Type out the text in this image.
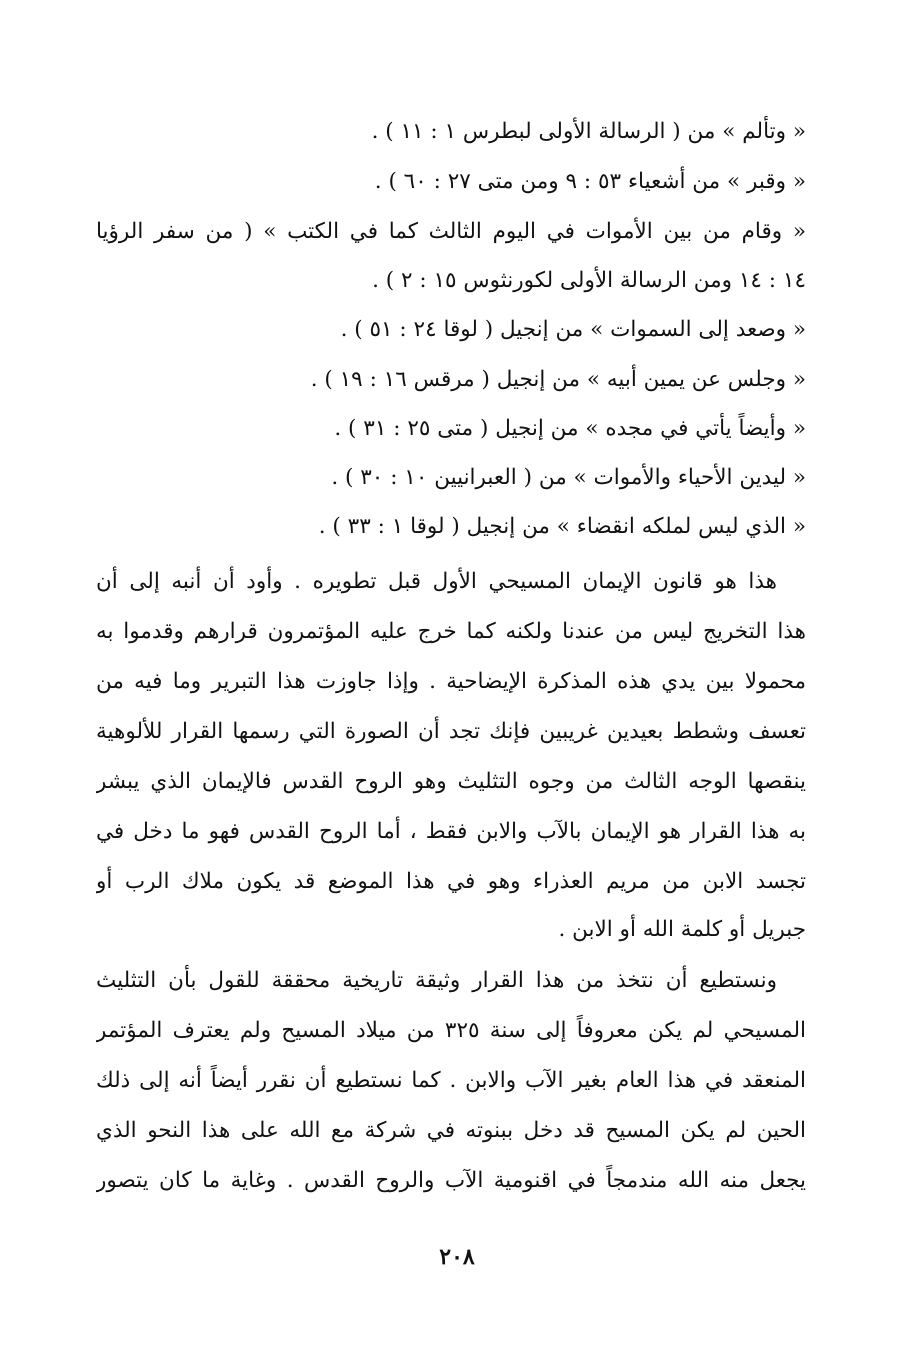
« وتألم » من ( الرسالة الأولى لبطرس ١ : ١١ ) .
« وقبر » من أشعياء ٥٣ : ٩ ومن متى ٢٧ : ٦٠ ) .
« وقام من بين الأموات في اليوم الثالث كما في الكتب » ( من سفر الرؤيا
١٤ : ١٤ ومن الرسالة الأولى لكورنثوس ١٥ : ٢ ) .
« وصعد إلى السموات » من إنجيل ( لوقا ٢٤ : ٥١ ) .
« وجلس عن يمين أبيه » من إنجيل ( مرقس ١٦ : ١٩ ) .
« وأيضاً يأتي في مجده » من إنجيل ( متى ٢٥ : ٣١ ) .
« ليدين الأحياء والأموات » من ( العبرانيين ١٠ : ٣٠ ) .
« الذي ليس لملكه انقضاء » من إنجيل ( لوقا ١ : ٣٣ ) .
هذا هو قانون الإيمان المسيحي الأول قبل تطويره . وأود أن أنبه إلى أن
هذا التخريج ليس من عندنا ولكنه كما خرج عليه المؤتمرون قرارهم وقدموا به
محمولا بين يدي هذه المذكرة الإيضاحية . وإذا جاوزت هذا التبرير وما فيه من
تعسف وشطط بعيدين غريبين فإنك تجد أن الصورة التي رسمها القرار للألوهية
ينقصها الوجه الثالث من وجوه التثليث وهو الروح القدس فالإيمان الذي يبشر
به هذا القرار هو الإيمان بالآب والابن فقط ، أما الروح القدس فهو ما دخل في
تجسد الابن من مريم العذراء وهو في هذا الموضع قد يكون ملاك الرب أو
جبريل أو كلمة الله أو الابن .
ونستطيع أن نتخذ من هذا القرار وثيقة تاريخية محققة للقول بأن التثليث
المسيحي لم يكن معروفاً إلى سنة ٣٢٥ من ميلاد المسيح ولم يعترف المؤتمر
المنعقد في هذا العام بغير الآب والابن . كما نستطيع أن نقرر أيضاً أنه إلى ذلك
الحين لم يكن المسيح قد دخل ببنوته في شركة مع الله على هذا النحو الذي
يجعل منه الله مندمجاً في اقنومية الآب والروح القدس . وغاية ما كان يتصور
٢٠٨
